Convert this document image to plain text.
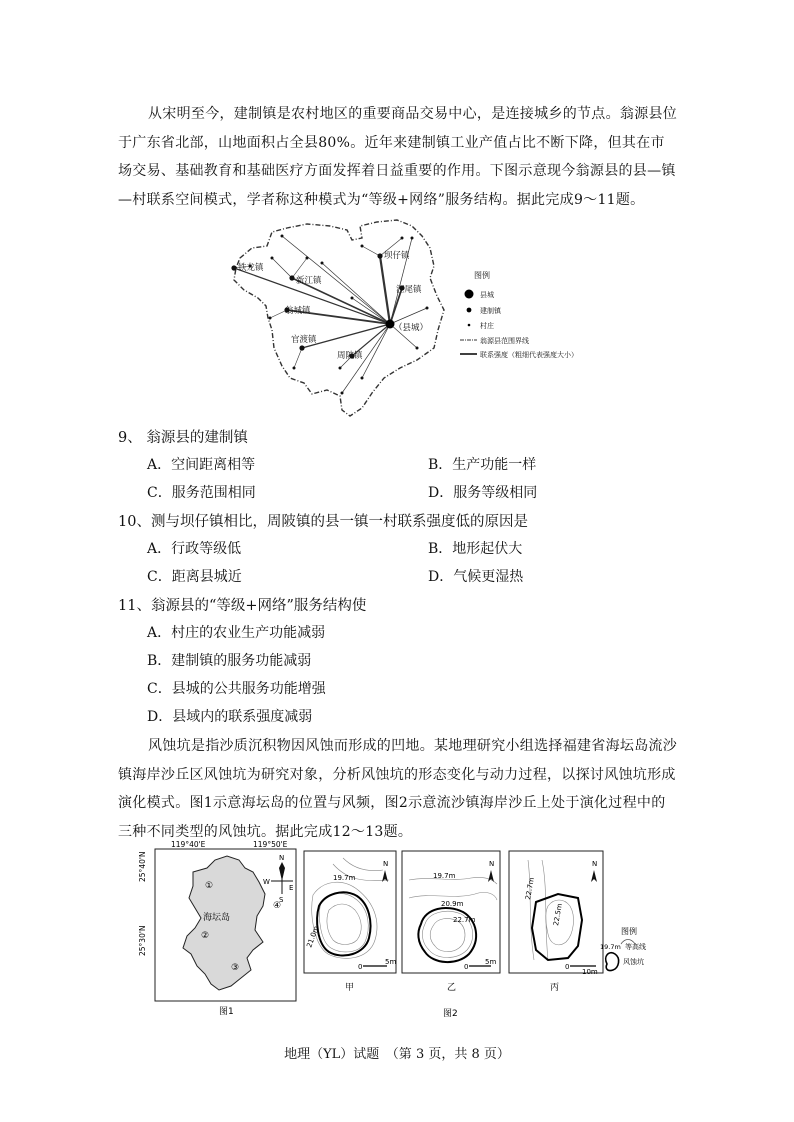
从宋明至今，建制镇是农村地区的重要商品交易中心，是连接城乡的节点。翁源县位于广东省北部，山地面积占全县80%。近年来建制镇工业产值占比不断下降，但其在市场交易、基础教育和基础医疗方面发挥着日益重要的作用。下图示意现今翁源县的县—镇—村联系空间模式，学者称这种模式为“等级+网络”服务结构。据此完成9～11题。
铁龙镇
新江镇
坝仔镇
江尾镇
翁城镇
官渡镇
周陂镇
（县城）
图例
县城
建制镇
村庄
翁源县范围界线
联系强度（粗细代表强度大小）
9、 翁源县的建制镇
A．空间距离相等	B．生产功能一样
C．服务范围相同	D．服务等级相同
10、测与坝仔镇相比，周陂镇的县一镇一村联系强度低的原因是
A．行政等级低	B．地形起伏大
C．距离县城近	D．气候更湿热
11、翁源县的“等级+网络”服务结构使
A．村庄的农业生产功能减弱
B．建制镇的服务功能减弱
C．县城的公共服务功能增强
D．县域内的联系强度减弱
风蚀坑是指沙质沉积物因风蚀而形成的凹地。某地理研究小组选择福建省海坛岛流沙镇海岸沙丘区风蚀坑为研究对象，分析风蚀坑的形态变化与动力过程，以探讨风蚀坑形成演化模式。图1示意海坛岛的位置与风频，图2示意流沙镇海岸沙丘上处于演化过程中的三种不同类型的风蚀坑。据此完成12～13题。
119°40'E	119°50'E
25°40'N
25°30'N
海坛岛
①
②
③
④
N
W
E
S
图1
19.7m
21.0m
N
0
5m
甲
19.7m
20.9m
22.7m
N
0
5m
乙
22.7m
22.5m
N
0
10m
丙
图例
19.7m 等高线
风蚀坑
图2
地理（YL）试题　（第 3 页，共 8 页）
